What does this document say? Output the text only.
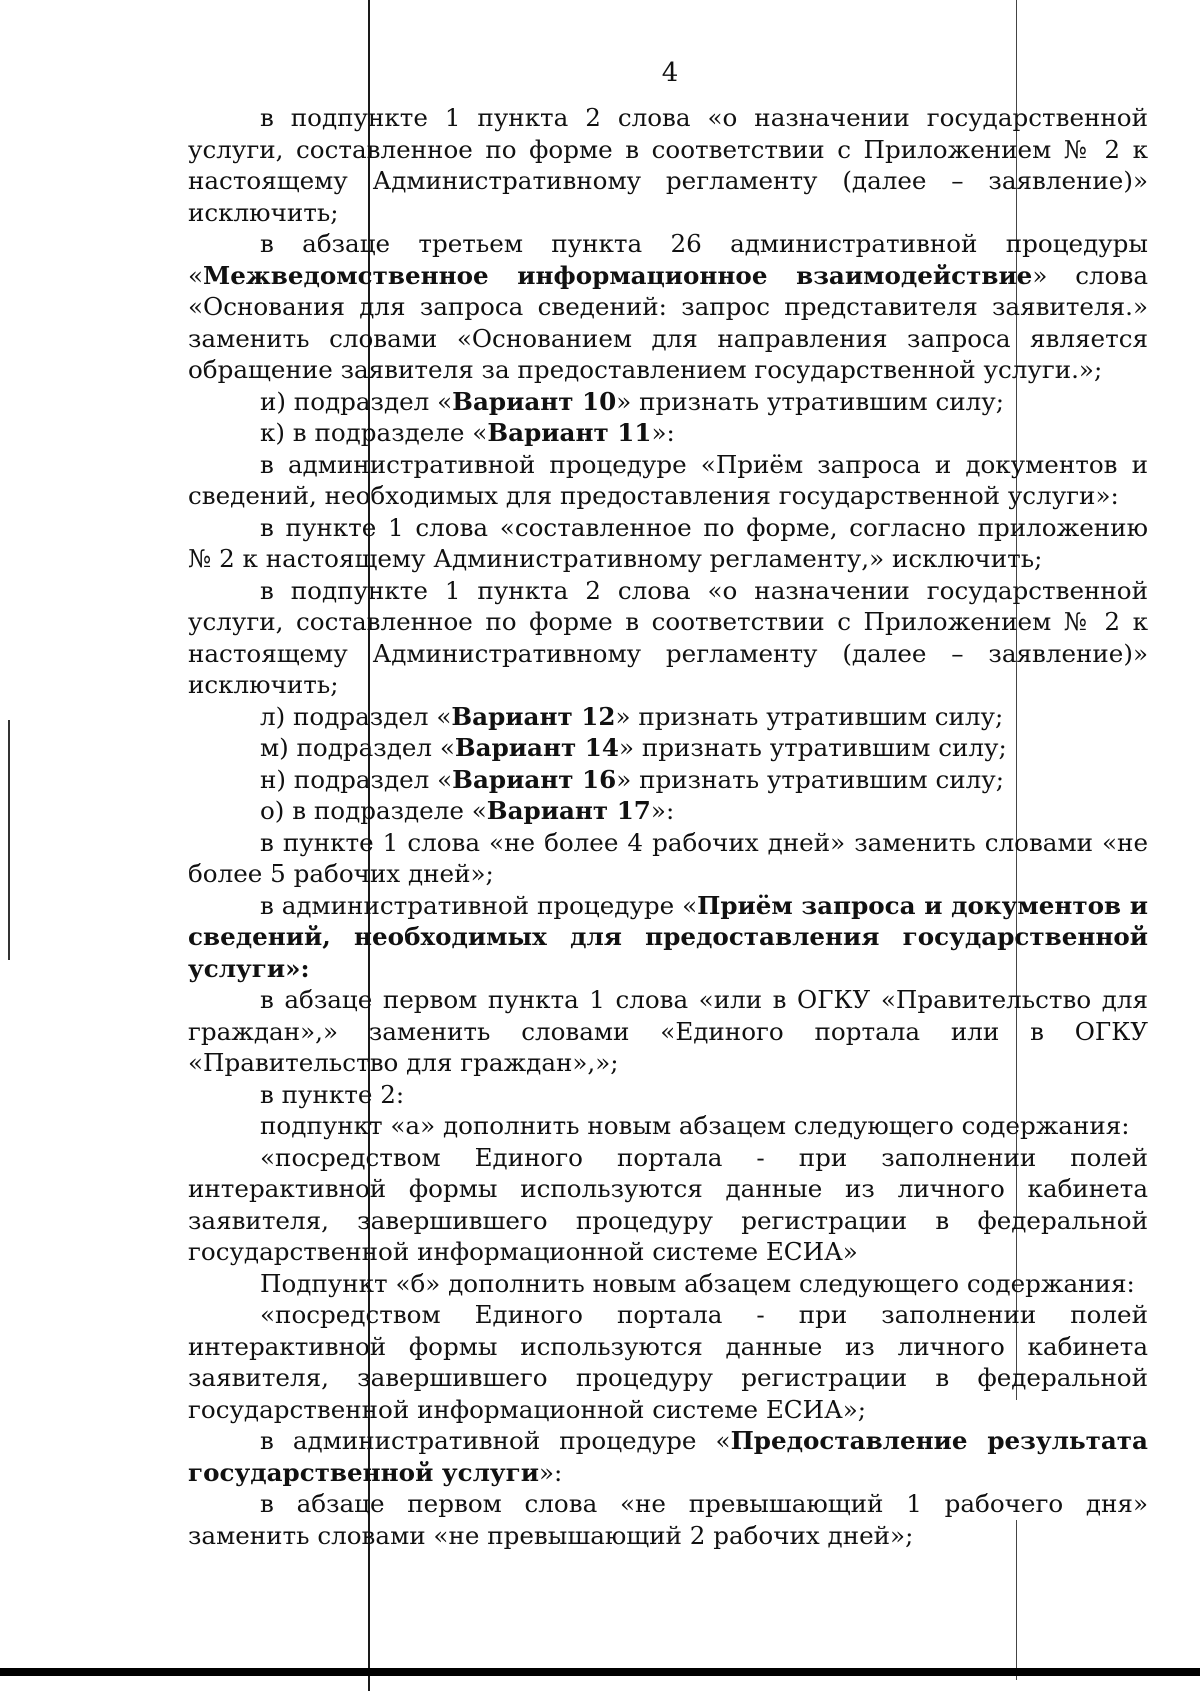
4

в подпункте 1 пункта 2 слова «о назначении государственной услуги, составленное по форме в соответствии с Приложением № 2 к настоящему Административному регламенту (далее – заявление)» исключить;

в абзаце третьем пункта 26 административной процедуры «Межведомственное информационное взаимодействие» слова «Основания для запроса сведений: запрос представителя заявителя.» заменить словами «Основанием для направления запроса является обращение заявителя за предоставлением государственной услуги.»;

и) подраздел «Вариант 10» признать утратившим силу;

к) в подразделе «Вариант 11»:

в административной процедуре «Приём запроса и документов и сведений, необходимых для предоставления государственной услуги»:

в пункте 1 слова «составленное по форме, согласно приложению № 2 к настоящему Административному регламенту,» исключить;

в подпункте 1 пункта 2 слова «о назначении государственной услуги, составленное по форме в соответствии с Приложением № 2 к настоящему Административному регламенту (далее – заявление)» исключить;

л) подраздел «Вариант 12» признать утратившим силу;

м) подраздел «Вариант 14» признать утратившим силу;

н) подраздел «Вариант 16» признать утратившим силу;

о) в подразделе «Вариант 17»:

в пункте 1 слова «не более 4 рабочих дней» заменить словами «не более 5 рабочих дней»;

в административной процедуре «Приём запроса и документов и сведений, необходимых для предоставления государственной услуги»:

в абзаце первом пункта 1 слова «или в ОГКУ «Правительство для граждан»,» заменить словами «Единого портала или в ОГКУ «Правительство для граждан»,»;

в пункте 2:

подпункт «а» дополнить новым абзацем следующего содержания:

«посредством Единого портала - при заполнении полей интерактивной формы используются данные из личного кабинета заявителя, завершившего процедуру регистрации в федеральной государственной информационной системе ЕСИА»

Подпункт «б» дополнить новым абзацем следующего содержания:

«посредством Единого портала - при заполнении полей интерактивной формы используются данные из личного кабинета заявителя, завершившего процедуру регистрации в федеральной государственной информационной системе ЕСИА»;

в административной процедуре «Предоставление результата государственной услуги»:

в абзаце первом слова «не превышающий 1 рабочего дня» заменить словами «не превышающий 2 рабочих дней»;
